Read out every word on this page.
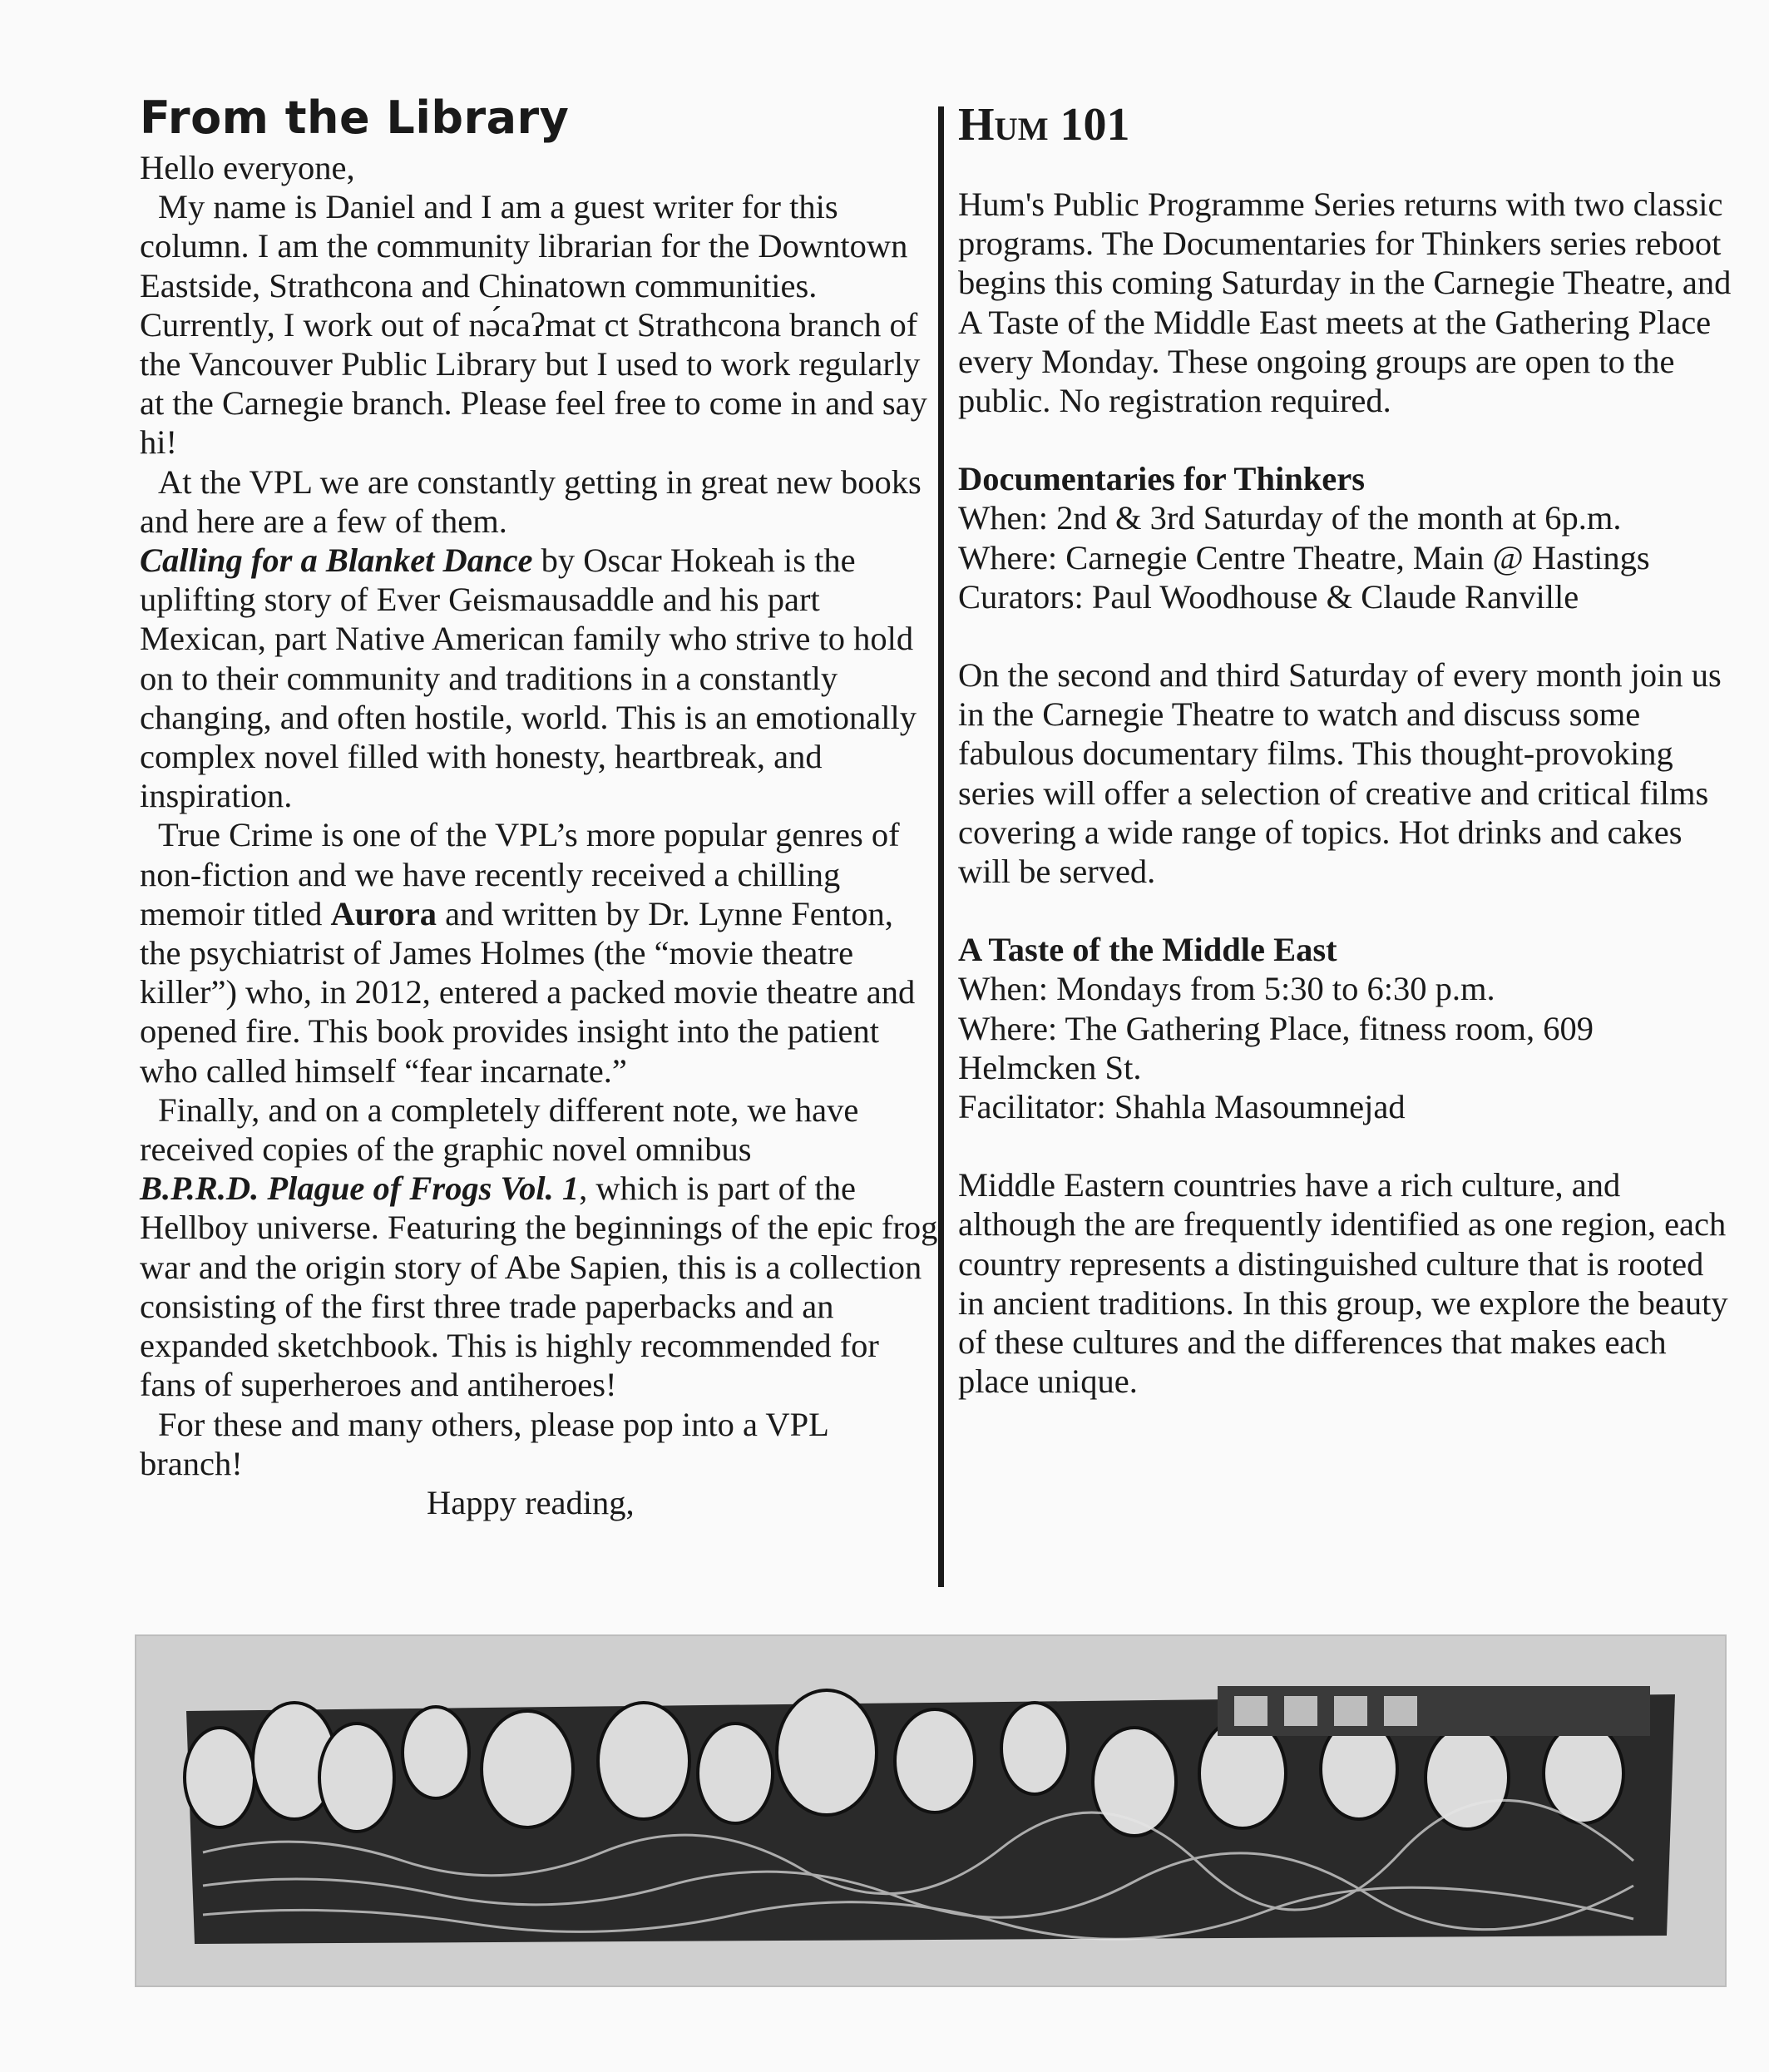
From the Library

Hello everyone,

My name is Daniel and I am a guest writer for this column. I am the community librarian for the Downtown Eastside, Strathcona and Chinatown communities. Currently, I work out of nə́caʔmat ct Strathcona branch of the Vancouver Public Library but I used to work regularly at the Carnegie branch. Please feel free to come in and say hi!

At the VPL we are constantly getting in great new books and here are a few of them.

Calling for a Blanket Dance by Oscar Hokeah is the uplifting story of Ever Geismausaddle and his part Mexican, part Native American family who strive to hold on to their community and traditions in a constantly changing, and often hostile, world. This is an emotionally complex novel filled with honesty, heartbreak, and inspiration.

True Crime is one of the VPL’s more popular genres of non-fiction and we have recently received a chilling memoir titled Aurora and written by Dr. Lynne Fenton, the psychiatrist of James Holmes (the “movie theatre killer”) who, in 2012, entered a packed movie theatre and opened fire. This book provides insight into the patient who called himself “fear incarnate.”

Finally, and on a completely different note, we have received copies of the graphic novel omnibus

B.P.R.D. Plague of Frogs Vol. 1, which is part of the Hellboy universe. Featuring the beginnings of the epic frog war and the origin story of Abe Sapien, this is a collection consisting of the first three trade paperbacks and an expanded sketchbook. This is highly recommended for fans of superheroes and antiheroes!

For these and many others, please pop into a VPL branch!

Happy reading,

Hum 101

Hum's Public Programme Series returns with two classic programs. The Documentaries for Thinkers series reboot begins this coming Saturday in the Carnegie Theatre, and A Taste of the Middle East meets at the Gathering Place every Monday. These ongoing groups are open to the public. No registration required.

Documentaries for Thinkers

When: 2nd & 3rd Saturday of the month at 6p.m.

Where: Carnegie Centre Theatre, Main @ Hastings

Curators: Paul Woodhouse & Claude Ranville

On the second and third Saturday of every month join us in the Carnegie Theatre to watch and discuss some fabulous documentary films. This thought-provoking series will offer a selection of creative and critical films covering a wide range of topics. Hot drinks and cakes will be served.

A Taste of the Middle East

When: Mondays from 5:30 to 6:30 p.m.

Where: The Gathering Place, fitness room, 609 Helmcken St.

Facilitator: Shahla Masoumnejad

Middle Eastern countries have a rich culture, and although the are frequently identified as one region, each country represents a distinguished culture that is rooted in ancient traditions. In this group, we explore the beauty of these cultures and the differences that makes each place unique.
